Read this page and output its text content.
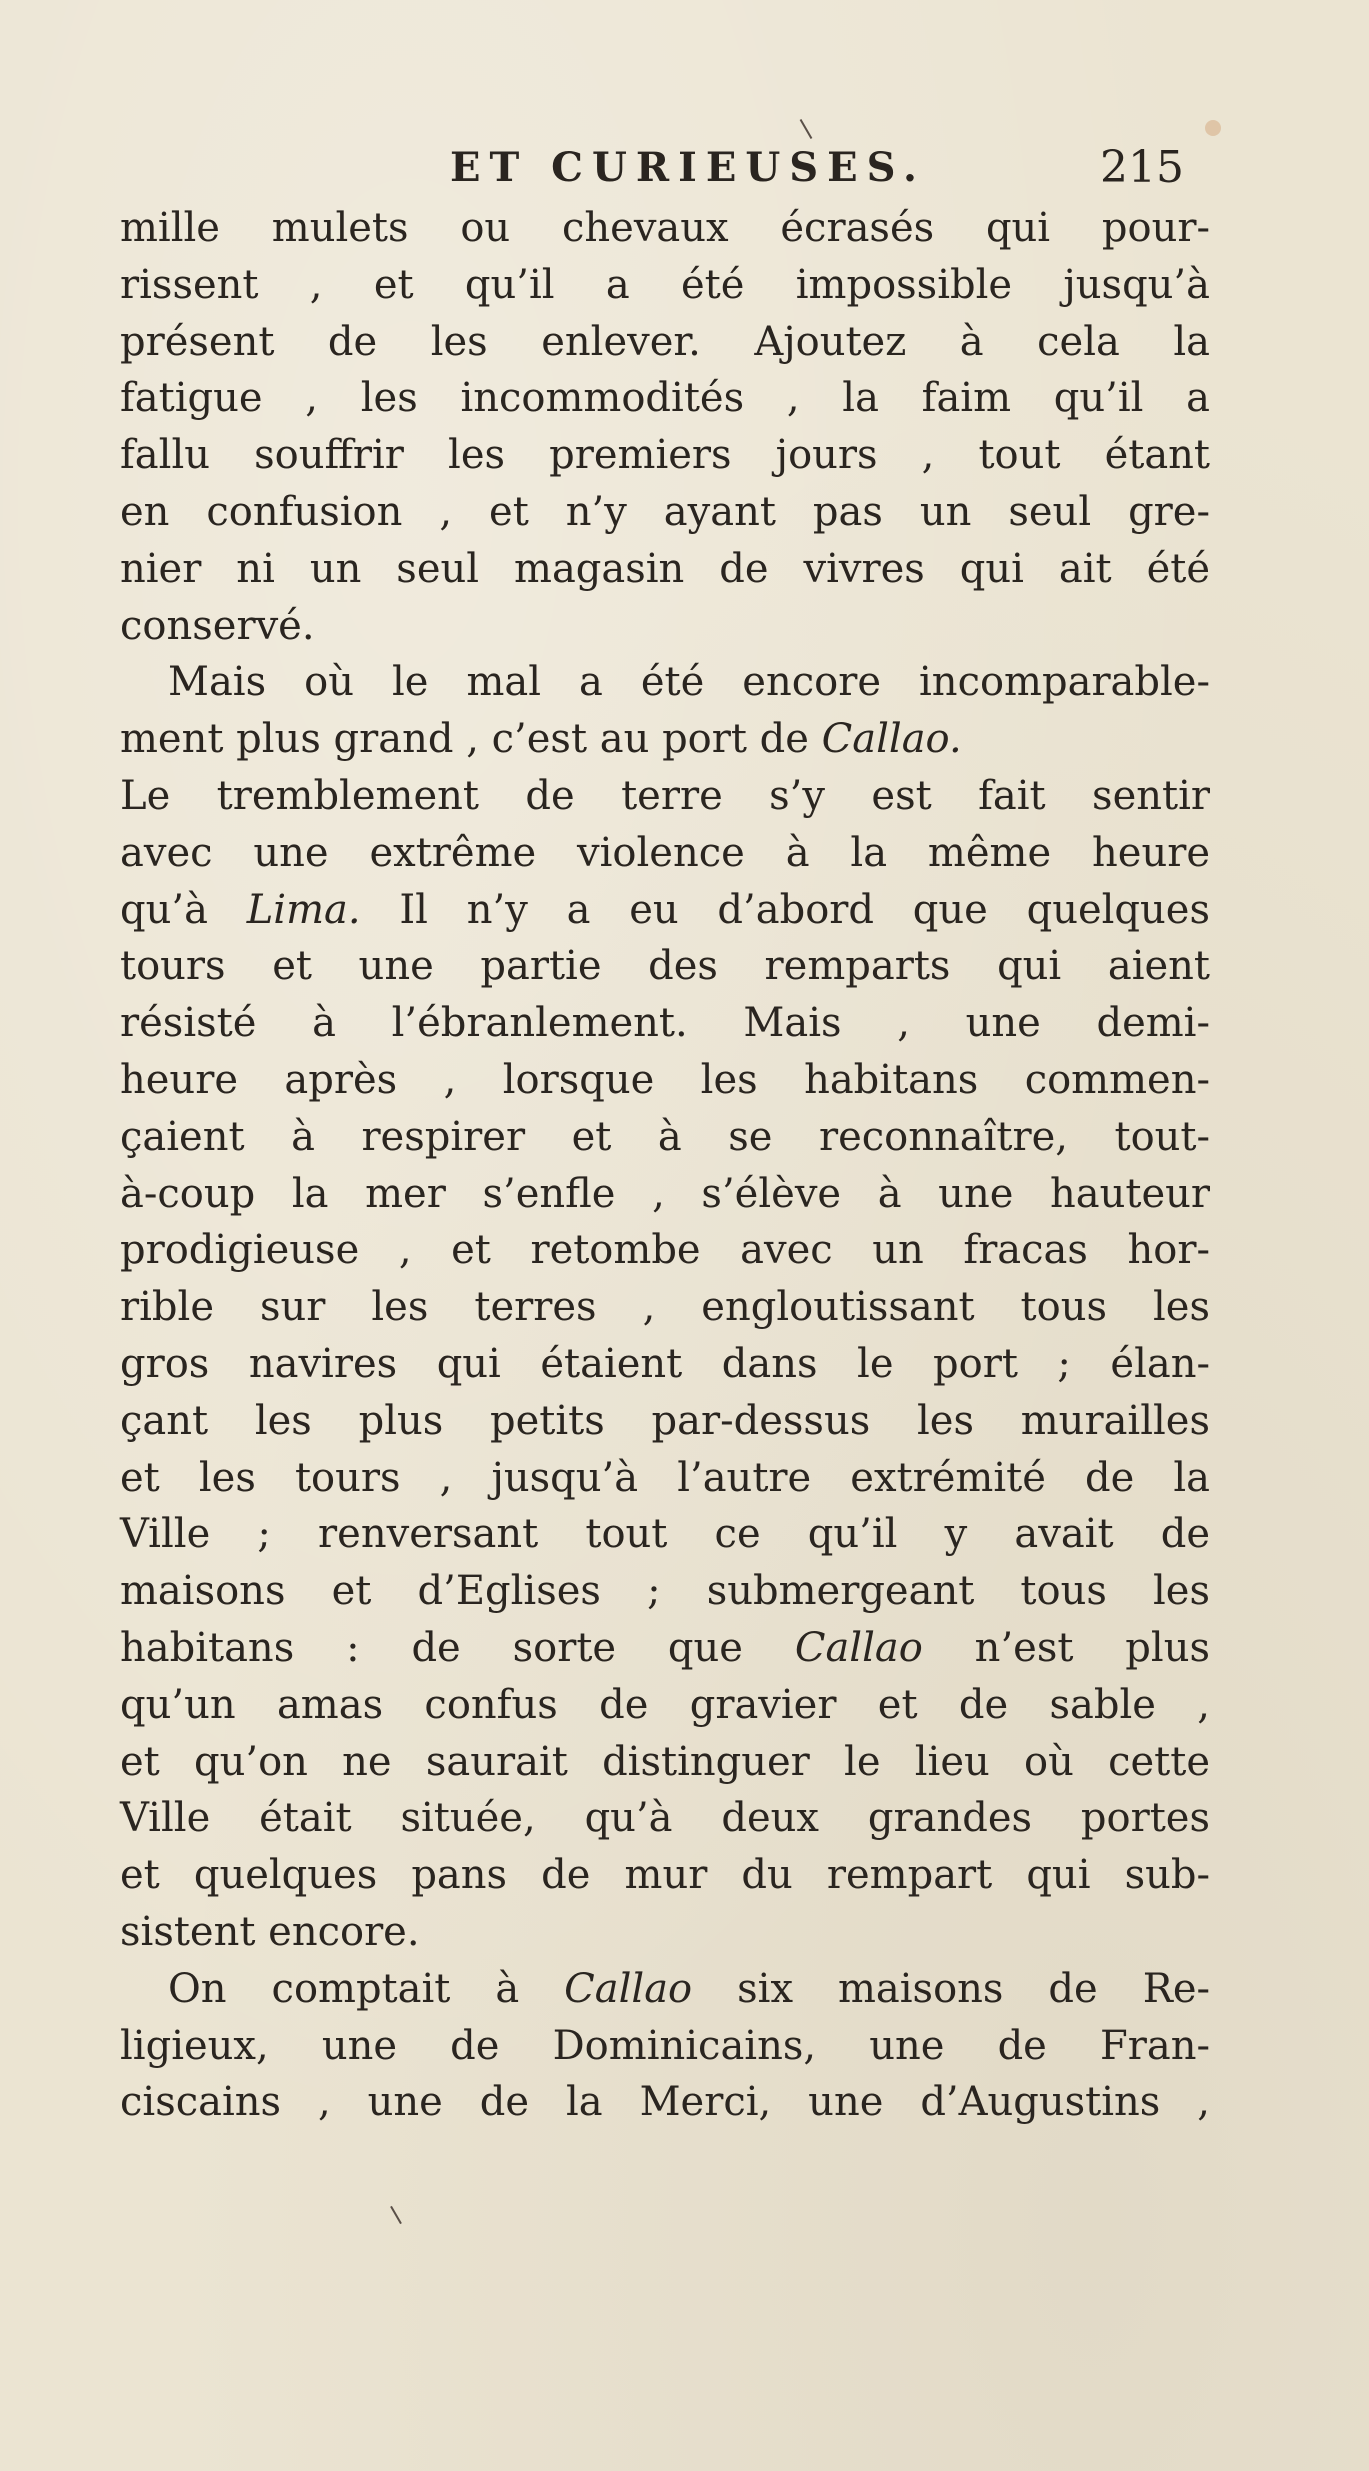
ET CURIEUSES.	215
mille mulets ou chevaux écrasés qui pour-
rissent , et qu’il a été impossible jusqu’à
présent de les enlever. Ajoutez à cela la
fatigue , les incommodités , la faim qu’il a
fallu souffrir les premiers jours , tout étant
en confusion , et n’y ayant pas un seul gre-
nier ni un seul magasin de vivres qui ait été
conservé.
Mais où le mal a été encore incomparable-
ment plus grand , c’est au port de Callao.
Le tremblement de terre s’y est fait sentir
avec une extrême violence à la même heure
qu’à Lima. Il n’y a eu d’abord que quelques
tours et une partie des remparts qui aient
résisté à l’ébranlement. Mais , une demi-
heure après , lorsque les habitans commen-
çaient à respirer et à se reconnaître, tout-
à-coup la mer s’enfle , s’élève à une hauteur
prodigieuse , et retombe avec un fracas hor-
rible sur les terres , engloutissant tous les
gros navires qui étaient dans le port ; élan-
çant les plus petits par-dessus les murailles
et les tours , jusqu’à l’autre extrémité de la
Ville ; renversant tout ce qu’il y avait de
maisons et d’Eglises ; submergeant tous les
habitans : de sorte que Callao n’est plus
qu’un amas confus de gravier et de sable ,
et qu’on ne saurait distinguer le lieu où cette
Ville était située, qu’à deux grandes portes
et quelques pans de mur du rempart qui sub-
sistent encore.
On comptait à Callao six maisons de Re-
ligieux, une de Dominicains, une de Fran-
ciscains , une de la Merci, une d’Augustins ,
